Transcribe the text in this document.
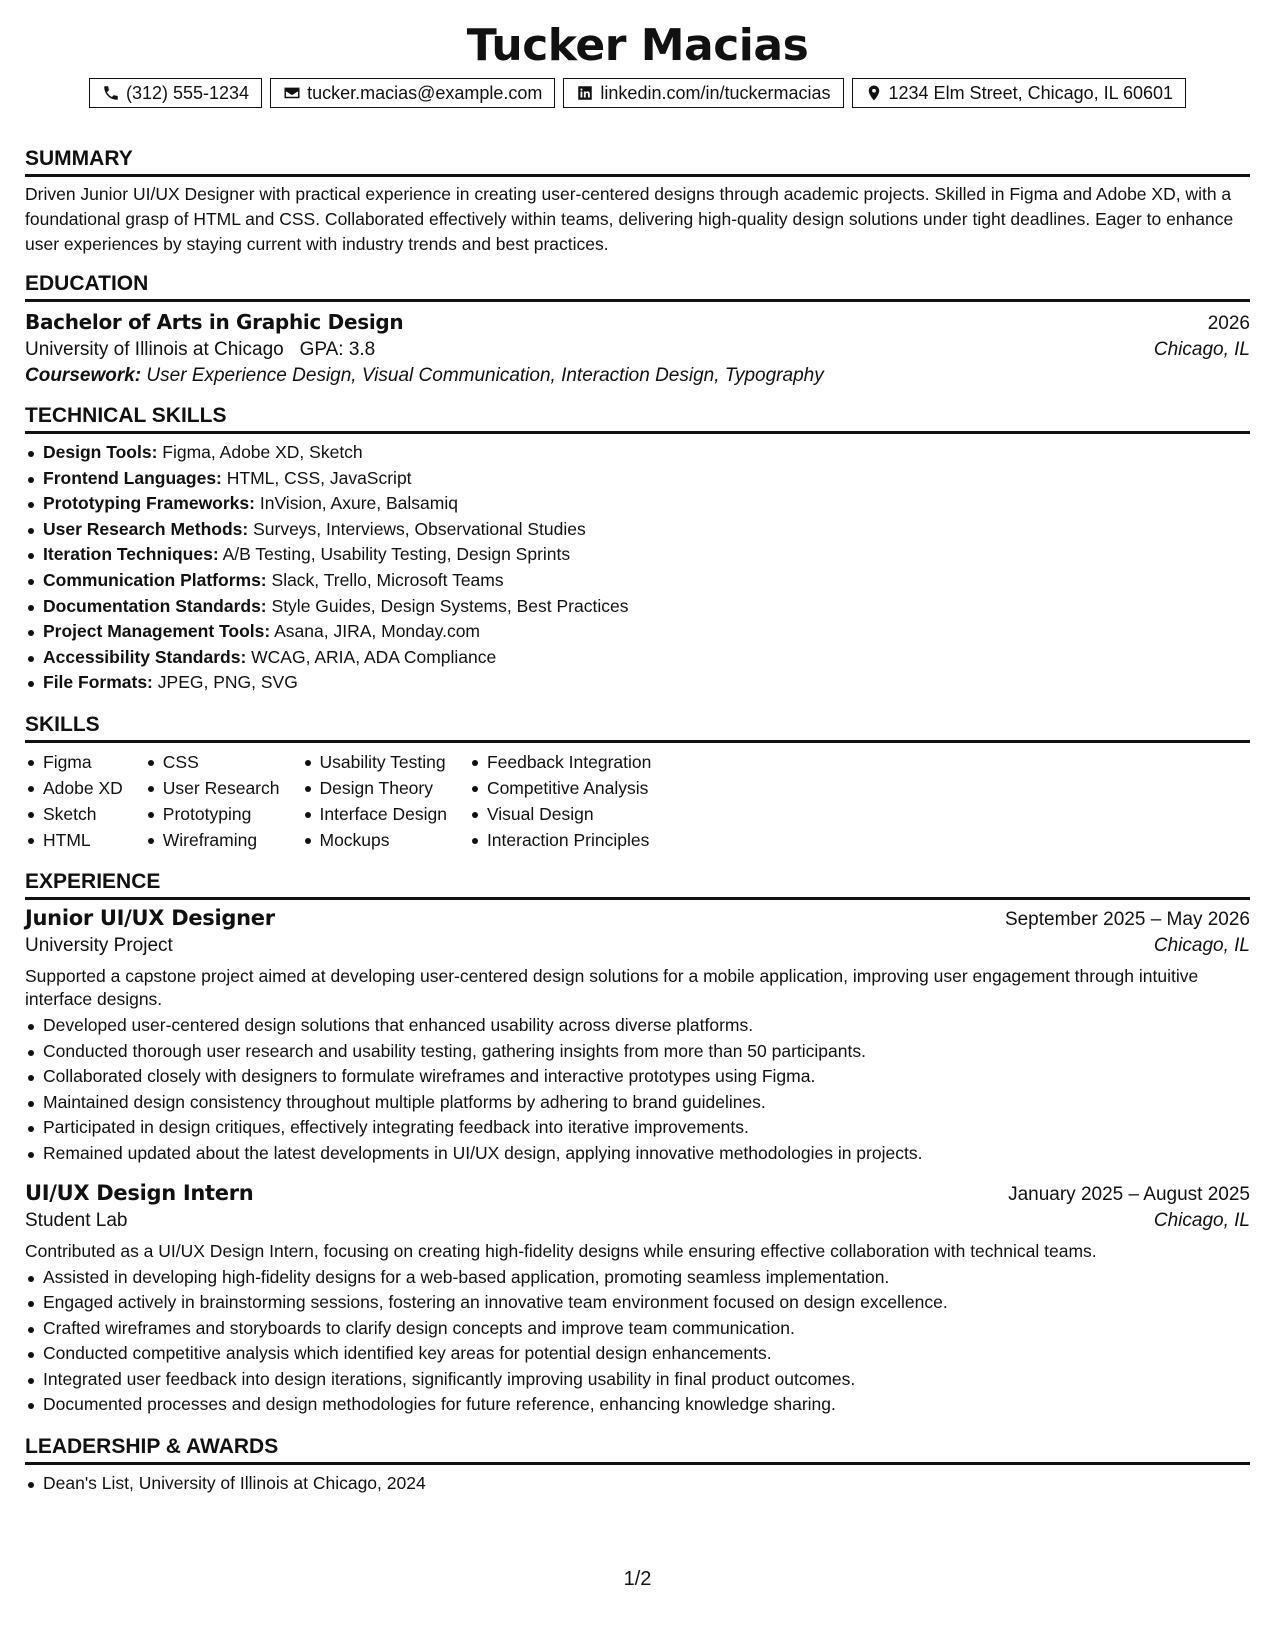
Tucker Macias
(312) 555-1234	tucker.macias@example.com	linkedin.com/in/tuckermacias	1234 Elm Street, Chicago, IL 60601
SUMMARY
Driven Junior UI/UX Designer with practical experience in creating user-centered designs through academic projects. Skilled in Figma and Adobe XD, with a foundational grasp of HTML and CSS. Collaborated effectively within teams, delivering high-quality design solutions under tight deadlines. Eager to enhance user experiences by staying current with industry trends and best practices.
EDUCATION
Bachelor of Arts in Graphic Design	2026
University of Illinois at Chicago GPA: 3.8	Chicago, IL
Coursework: User Experience Design, Visual Communication, Interaction Design, Typography
TECHNICAL SKILLS
Design Tools: Figma, Adobe XD, Sketch
Frontend Languages: HTML, CSS, JavaScript
Prototyping Frameworks: InVision, Axure, Balsamiq
User Research Methods: Surveys, Interviews, Observational Studies
Iteration Techniques: A/B Testing, Usability Testing, Design Sprints
Communication Platforms: Slack, Trello, Microsoft Teams
Documentation Standards: Style Guides, Design Systems, Best Practices
Project Management Tools: Asana, JIRA, Monday.com
Accessibility Standards: WCAG, ARIA, ADA Compliance
File Formats: JPEG, PNG, SVG
SKILLS
Figma
Adobe XD
Sketch
HTML
CSS
User Research
Prototyping
Wireframing
Usability Testing
Design Theory
Interface Design
Mockups
Feedback Integration
Competitive Analysis
Visual Design
Interaction Principles
EXPERIENCE
Junior UI/UX Designer	September 2025 – May 2026
University Project	Chicago, IL
Supported a capstone project aimed at developing user-centered design solutions for a mobile application, improving user engagement through intuitive interface designs.
Developed user-centered design solutions that enhanced usability across diverse platforms.
Conducted thorough user research and usability testing, gathering insights from more than 50 participants.
Collaborated closely with designers to formulate wireframes and interactive prototypes using Figma.
Maintained design consistency throughout multiple platforms by adhering to brand guidelines.
Participated in design critiques, effectively integrating feedback into iterative improvements.
Remained updated about the latest developments in UI/UX design, applying innovative methodologies in projects.
UI/UX Design Intern	January 2025 – August 2025
Student Lab	Chicago, IL
Contributed as a UI/UX Design Intern, focusing on creating high-fidelity designs while ensuring effective collaboration with technical teams.
Assisted in developing high-fidelity designs for a web-based application, promoting seamless implementation.
Engaged actively in brainstorming sessions, fostering an innovative team environment focused on design excellence.
Crafted wireframes and storyboards to clarify design concepts and improve team communication.
Conducted competitive analysis which identified key areas for potential design enhancements.
Integrated user feedback into design iterations, significantly improving usability in final product outcomes.
Documented processes and design methodologies for future reference, enhancing knowledge sharing.
LEADERSHIP & AWARDS
Dean's List, University of Illinois at Chicago, 2024
1/2
